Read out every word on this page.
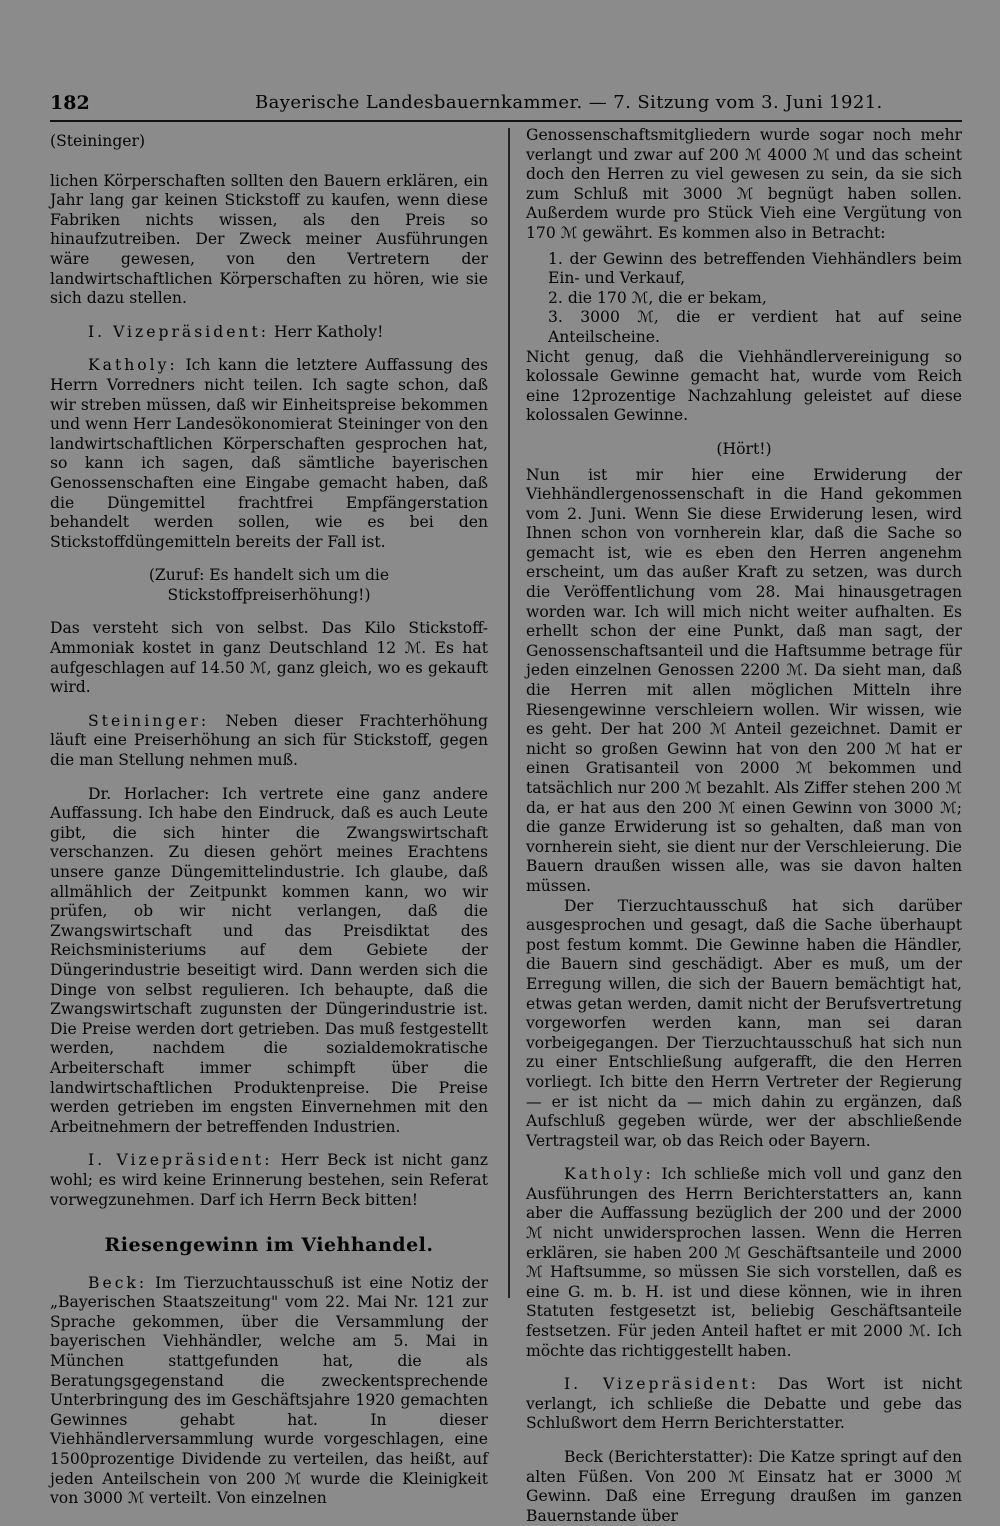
182	Bayerische Landesbauernkammer. — 7. Sitzung vom 3. Juni 1921.

(Steininger)

lichen Körperschaften sollten den Bauern erklären, ein Jahr lang gar keinen Stickstoff zu kaufen, wenn diese Fabriken nichts wissen, als den Preis so hinaufzutreiben. Der Zweck meiner Ausführungen wäre gewesen, von den Vertretern der landwirtschaftlichen Körperschaften zu hören, wie sie sich dazu stellen.

I. Vizepräsident: Herr Katholy!

Katholy: Ich kann die letztere Auffassung des Herrn Vorredners nicht teilen. Ich sagte schon, daß wir streben müssen, daß wir Einheitspreise bekommen und wenn Herr Landesökonomierat Steininger von den landwirtschaftlichen Körperschaften gesprochen hat, so kann ich sagen, daß sämtliche bayerischen Genossenschaften eine Eingabe gemacht haben, daß die Düngemittel frachtfrei Empfängerstation behandelt werden sollen, wie es bei den Stickstoffdüngemitteln bereits der Fall ist.

(Zuruf: Es handelt sich um die Stickstoffpreiserhöhung!)

Das versteht sich von selbst. Das Kilo Stickstoff-Ammoniak kostet in ganz Deutschland 12 ℳ. Es hat aufgeschlagen auf 14.50 ℳ, ganz gleich, wo es gekauft wird.

Steininger: Neben dieser Frachterhöhung läuft eine Preiserhöhung an sich für Stickstoff, gegen die man Stellung nehmen muß.

Dr. Horlacher: Ich vertrete eine ganz andere Auffassung. Ich habe den Eindruck, daß es auch Leute gibt, die sich hinter die Zwangswirtschaft verschanzen. Zu diesen gehört meines Erachtens unsere ganze Düngemittelindustrie. Ich glaube, daß allmählich der Zeitpunkt kommen kann, wo wir prüfen, ob wir nicht verlangen, daß die Zwangswirtschaft und das Preisdiktat des Reichsministeriums auf dem Gebiete der Düngerindustrie beseitigt wird. Dann werden sich die Dinge von selbst regulieren. Ich behaupte, daß die Zwangswirtschaft zugunsten der Düngerindustrie ist. Die Preise werden dort getrieben. Das muß festgestellt werden, nachdem die sozialdemokratische Arbeiterschaft immer schimpft über die landwirtschaftlichen Produktenpreise. Die Preise werden getrieben im engsten Einvernehmen mit den Arbeitnehmern der betreffenden Industrien.

I. Vizepräsident: Herr Beck ist nicht ganz wohl; es wird keine Erinnerung bestehen, sein Referat vorwegzunehmen. Darf ich Herrn Beck bitten!

Riesengewinn im Viehhandel.

Beck: Im Tierzuchtausschuß ist eine Notiz der „Bayerischen Staatszeitung" vom 22. Mai Nr. 121 zur Sprache gekommen, über die Versammlung der bayerischen Viehhändler, welche am 5. Mai in München stattgefunden hat, die als Beratungsgegenstand die zweckentsprechende Unterbringung des im Geschäftsjahre 1920 gemachten Gewinnes gehabt hat. In dieser Viehhändlerversammlung wurde vorgeschlagen, eine 1500prozentige Dividende zu verteilen, das heißt, auf jeden Anteilschein von 200 ℳ wurde die Kleinigkeit von 3000 ℳ verteilt. Von einzelnen

Genossenschaftsmitgliedern wurde sogar noch mehr verlangt und zwar auf 200 ℳ 4000 ℳ und das scheint doch den Herren zu viel gewesen zu sein, da sie sich zum Schluß mit 3000 ℳ begnügt haben sollen. Außerdem wurde pro Stück Vieh eine Vergütung von 170 ℳ gewährt. Es kommen also in Betracht:

1. der Gewinn des betreffenden Viehhändlers beim Ein- und Verkauf,
2. die 170 ℳ, die er bekam,
3. 3000 ℳ, die er verdient hat auf seine Anteilscheine.

Nicht genug, daß die Viehhändlervereinigung so kolossale Gewinne gemacht hat, wurde vom Reich eine 12prozentige Nachzahlung geleistet auf diese kolossalen Gewinne.

(Hört!)

Nun ist mir hier eine Erwiderung der Viehhändlergenossenschaft in die Hand gekommen vom 2. Juni. Wenn Sie diese Erwiderung lesen, wird Ihnen schon von vornherein klar, daß die Sache so gemacht ist, wie es eben den Herren angenehm erscheint, um das außer Kraft zu setzen, was durch die Veröffentlichung vom 28. Mai hinausgetragen worden war. Ich will mich nicht weiter aufhalten. Es erhellt schon der eine Punkt, daß man sagt, der Genossenschaftsanteil und die Haftsumme betrage für jeden einzelnen Genossen 2200 ℳ. Da sieht man, daß die Herren mit allen möglichen Mitteln ihre Riesengewinne verschleiern wollen. Wir wissen, wie es geht. Der hat 200 ℳ Anteil gezeichnet. Damit er nicht so großen Gewinn hat von den 200 ℳ hat er einen Gratisanteil von 2000 ℳ bekommen und tatsächlich nur 200 ℳ bezahlt. Als Ziffer stehen 200 ℳ da, er hat aus den 200 ℳ einen Gewinn von 3000 ℳ; die ganze Erwiderung ist so gehalten, daß man von vornherein sieht, sie dient nur der Verschleierung. Die Bauern draußen wissen alle, was sie davon halten müssen.

Der Tierzuchtausschuß hat sich darüber ausgesprochen und gesagt, daß die Sache überhaupt post festum kommt. Die Gewinne haben die Händler, die Bauern sind geschädigt. Aber es muß, um der Erregung willen, die sich der Bauern bemächtigt hat, etwas getan werden, damit nicht der Berufsvertretung vorgeworfen werden kann, man sei daran vorbeigegangen. Der Tierzuchtausschuß hat sich nun zu einer Entschließung aufgerafft, die den Herren vorliegt. Ich bitte den Herrn Vertreter der Regierung — er ist nicht da — mich dahin zu ergänzen, daß Aufschluß gegeben würde, wer der abschließende Vertragsteil war, ob das Reich oder Bayern.

Katholy: Ich schließe mich voll und ganz den Ausführungen des Herrn Berichterstatters an, kann aber die Auffassung bezüglich der 200 und der 2000 ℳ nicht unwidersprochen lassen. Wenn die Herren erklären, sie haben 200 ℳ Geschäftsanteile und 2000 ℳ Haftsumme, so müssen Sie sich vorstellen, daß es eine G. m. b. H. ist und diese können, wie in ihren Statuten festgesetzt ist, beliebig Geschäftsanteile festsetzen. Für jeden Anteil haftet er mit 2000 ℳ. Ich möchte das richtiggestellt haben.

I. Vizepräsident: Das Wort ist nicht verlangt, ich schließe die Debatte und gebe das Schlußwort dem Herrn Berichterstatter.

Beck (Berichterstatter): Die Katze springt auf den alten Füßen. Von 200 ℳ Einsatz hat er 3000 ℳ Gewinn. Daß eine Erregung draußen im ganzen Bauernstande über
